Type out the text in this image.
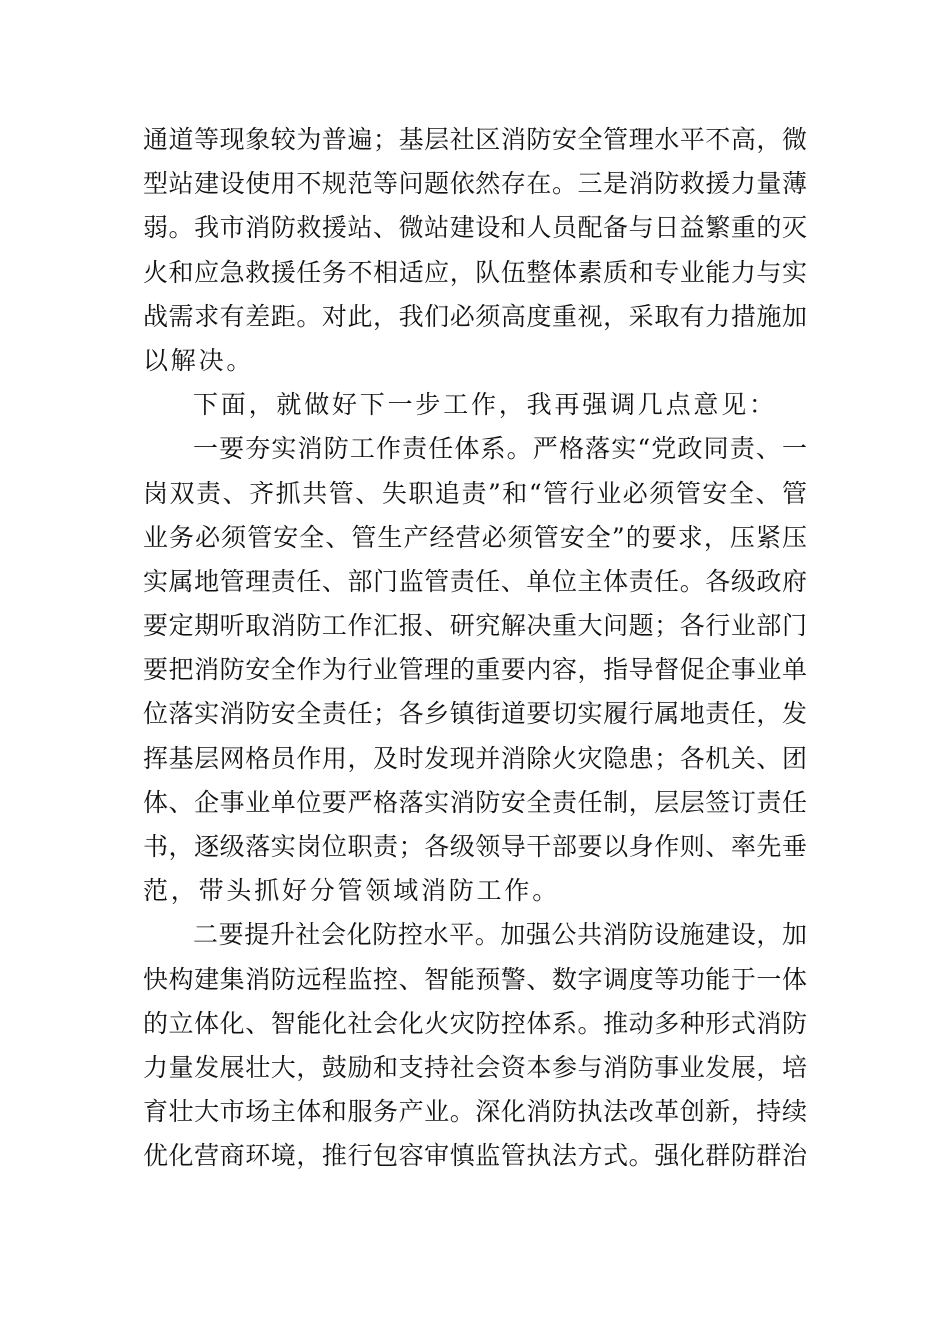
通道等现象较为普遍；基层社区消防安全管理水平不高，微
型站建设使用不规范等问题依然存在。三是消防救援力量薄
弱。我市消防救援站、微站建设和人员配备与日益繁重的灭
火和应急救援任务不相适应，队伍整体素质和专业能力与实
战需求有差距。对此，我们必须高度重视，采取有力措施加
以解决。
下面，就做好下一步工作，我再强调几点意见：
一要夯实消防工作责任体系。严格落实“党政同责、一
岗双责、齐抓共管、失职追责”和“管行业必须管安全、管
业务必须管安全、管生产经营必须管安全”的要求，压紧压
实属地管理责任、部门监管责任、单位主体责任。各级政府
要定期听取消防工作汇报、研究解决重大问题；各行业部门
要把消防安全作为行业管理的重要内容，指导督促企事业单
位落实消防安全责任；各乡镇街道要切实履行属地责任，发
挥基层网格员作用，及时发现并消除火灾隐患；各机关、团
体、企事业单位要严格落实消防安全责任制，层层签订责任
书，逐级落实岗位职责；各级领导干部要以身作则、率先垂
范，带头抓好分管领域消防工作。
二要提升社会化防控水平。加强公共消防设施建设，加
快构建集消防远程监控、智能预警、数字调度等功能于一体
的立体化、智能化社会化火灾防控体系。推动多种形式消防
力量发展壮大，鼓励和支持社会资本参与消防事业发展，培
育壮大市场主体和服务产业。深化消防执法改革创新，持续
优化营商环境，推行包容审慎监管执法方式。强化群防群治
